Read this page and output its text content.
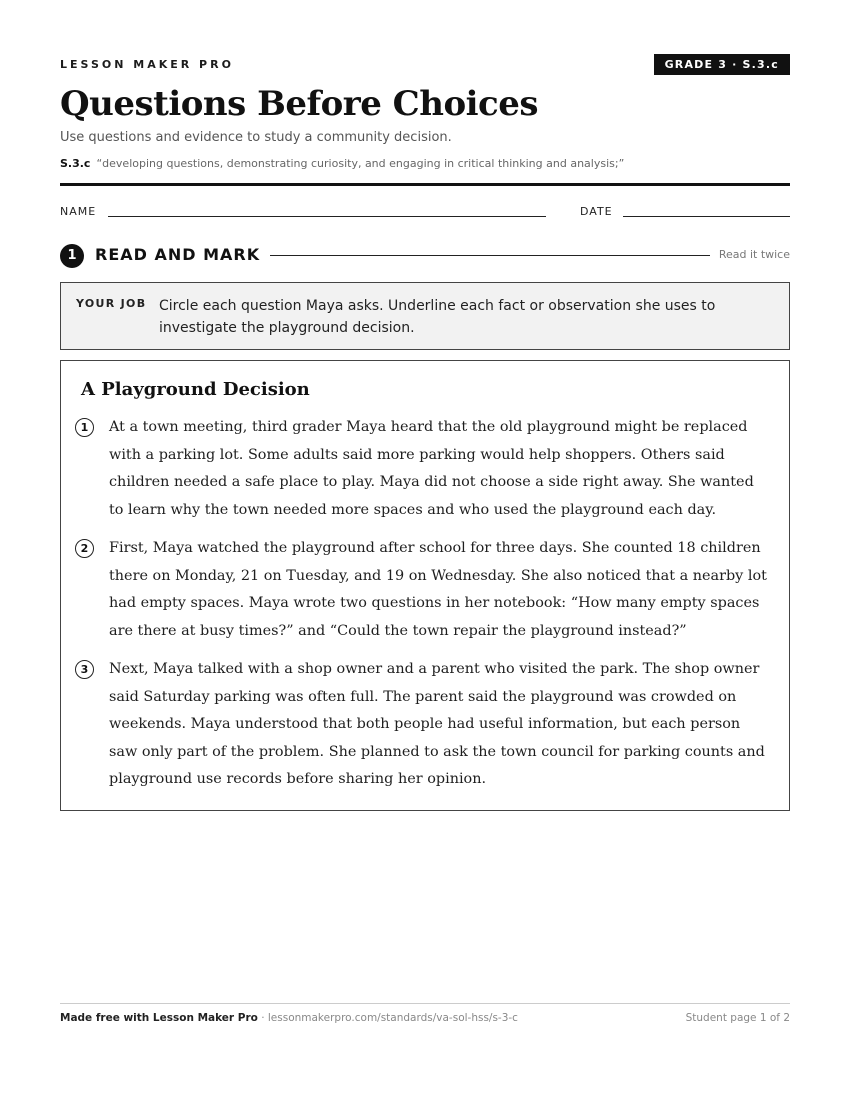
LESSON MAKER PRO	GRADE 3 · S.3.c
Questions Before Choices
Use questions and evidence to study a community decision.
S.3.c “developing questions, demonstrating curiosity, and engaging in critical thinking and analysis;”
NAME	DATE
1	READ AND MARK	Read it twice
YOUR JOB Circle each question Maya asks. Underline each fact or observation she uses to investigate the playground decision.
A Playground Decision
1	At a town meeting, third grader Maya heard that the old playground might be replaced with a parking lot. Some adults said more parking would help shoppers. Others said children needed a safe place to play. Maya did not choose a side right away. She wanted to learn why the town needed more spaces and who used the playground each day.
2	First, Maya watched the playground after school for three days. She counted 18 children there on Monday, 21 on Tuesday, and 19 on Wednesday. She also noticed that a nearby lot had empty spaces. Maya wrote two questions in her notebook: “How many empty spaces are there at busy times?” and “Could the town repair the playground instead?”
3	Next, Maya talked with a shop owner and a parent who visited the park. The shop owner said Saturday parking was often full. The parent said the playground was crowded on weekends. Maya understood that both people had useful information, but each person saw only part of the problem. She planned to ask the town council for parking counts and playground use records before sharing her opinion.
Made free with Lesson Maker Pro · lessonmakerpro.com/standards/va-sol-hss/s-3-c	Student page 1 of 2
